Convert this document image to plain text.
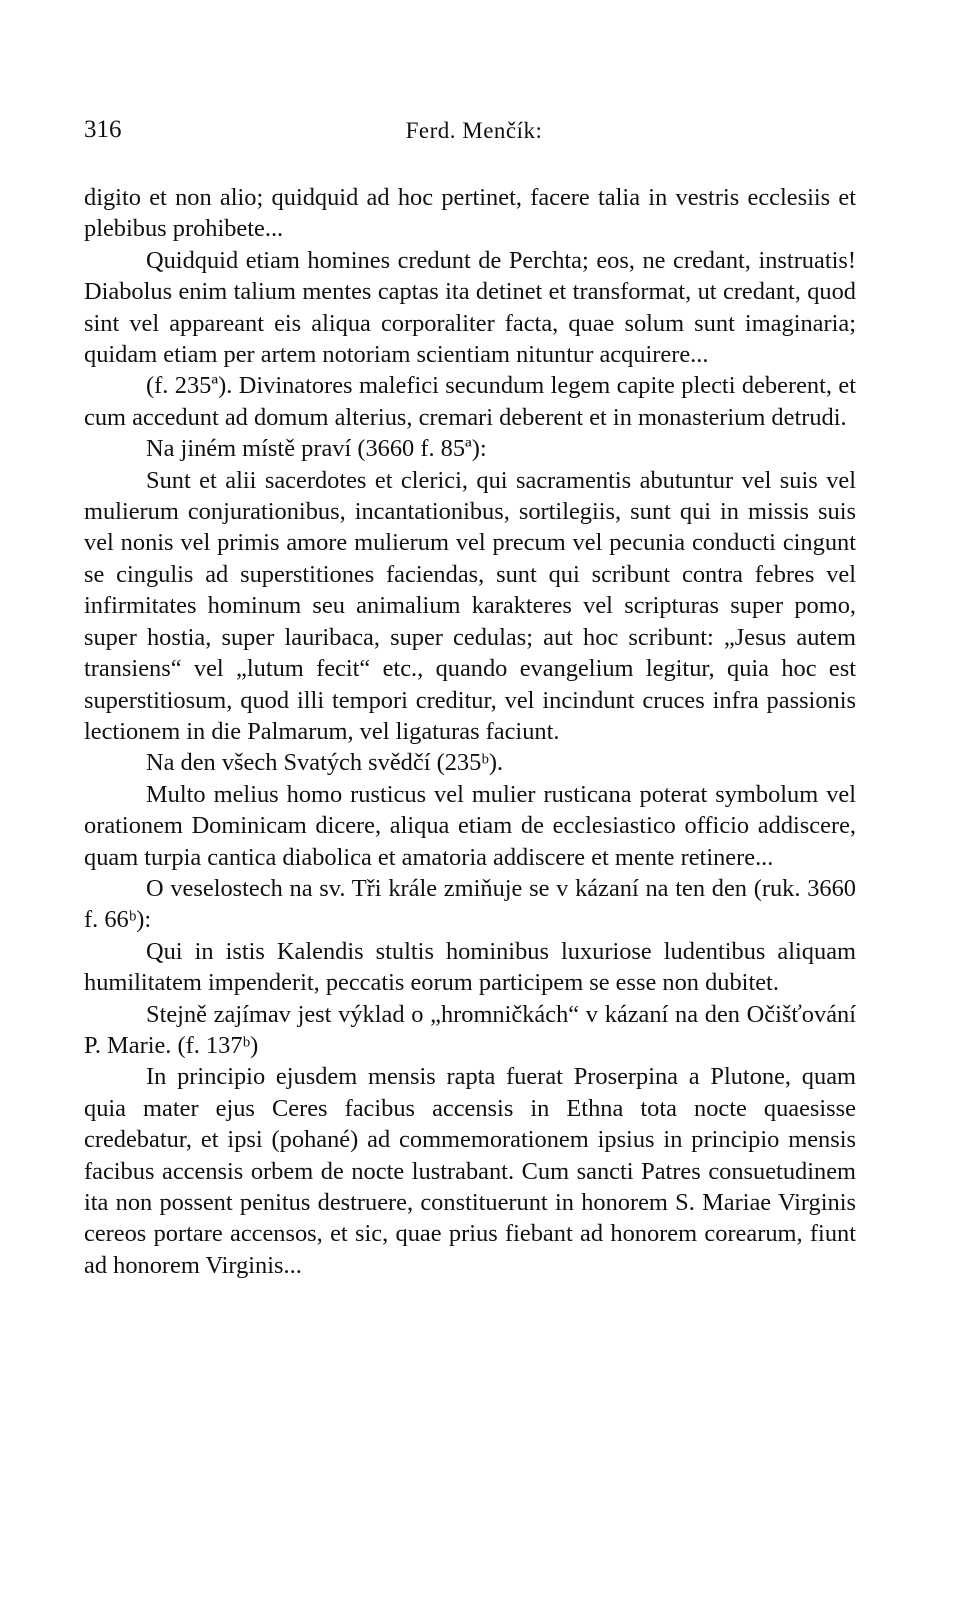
316	Ferd. Menčík:

digito et non alio; quidquid ad hoc pertinet, facere talia in vestris ecclesiis et plebibus prohibete...

Quidquid etiam homines credunt de Perchta; eos, ne credant, instruatis! Diabolus enim talium mentes captas ita detinet et transformat, ut credant, quod sint vel appareant eis aliqua corporaliter facta, quae solum sunt imaginaria; quidam etiam per artem notoriam scientiam nituntur acquirere...

(f. 235ª). Divinatores malefici secundum legem capite plecti deberent, et cum accedunt ad domum alterius, cremari deberent et in monasterium detrudi.

Na jiném místě praví (3660 f. 85ª):

Sunt et alii sacerdotes et clerici, qui sacramentis abutuntur vel suis vel mulierum conjurationibus, incantationibus, sortilegiis, sunt qui in missis suis vel nonis vel primis amore mulierum vel precum vel pecunia conducti cingunt se cingulis ad superstitiones faciendas, sunt qui scribunt contra febres vel infirmitates hominum seu animalium karakteres vel scripturas super pomo, super hostia, super lauribaca, super cedulas; aut hoc scribunt: „Jesus autem transiens“ vel „lutum fecit“ etc., quando evangelium legitur, quia hoc est superstitiosum, quod illi tempori creditur, vel incindunt cruces infra passionis lectionem in die Palmarum, vel ligaturas faciunt.

Na den všech Svatých svědčí (235ᵇ).

Multo melius homo rusticus vel mulier rusticana poterat symbolum vel orationem Dominicam dicere, aliqua etiam de ecclesiastico officio addiscere, quam turpia cantica diabolica et amatoria addiscere et mente retinere...

O veselostech na sv. Tři krále zmiňuje se v kázaní na ten den (ruk. 3660 f. 66ᵇ):

Qui in istis Kalendis stultis hominibus luxuriose ludentibus aliquam humilitatem impenderit, peccatis eorum participem se esse non dubitet.

Stejně zajímav jest výklad o „hromničkách“ v kázaní na den Očišťování P. Marie. (f. 137ᵇ)

In principio ejusdem mensis rapta fuerat Proserpina a Plutone, quam quia mater ejus Ceres facibus accensis in Ethna tota nocte quaesisse credebatur, et ipsi (pohané) ad commemorationem ipsius in principio mensis facibus accensis orbem de nocte lustrabant. Cum sancti Patres consuetudinem ita non possent penitus destruere, constituerunt in honorem S. Mariae Virginis cereos portare accensos, et sic, quae prius fiebant ad honorem corearum, fiunt ad honorem Virginis...
